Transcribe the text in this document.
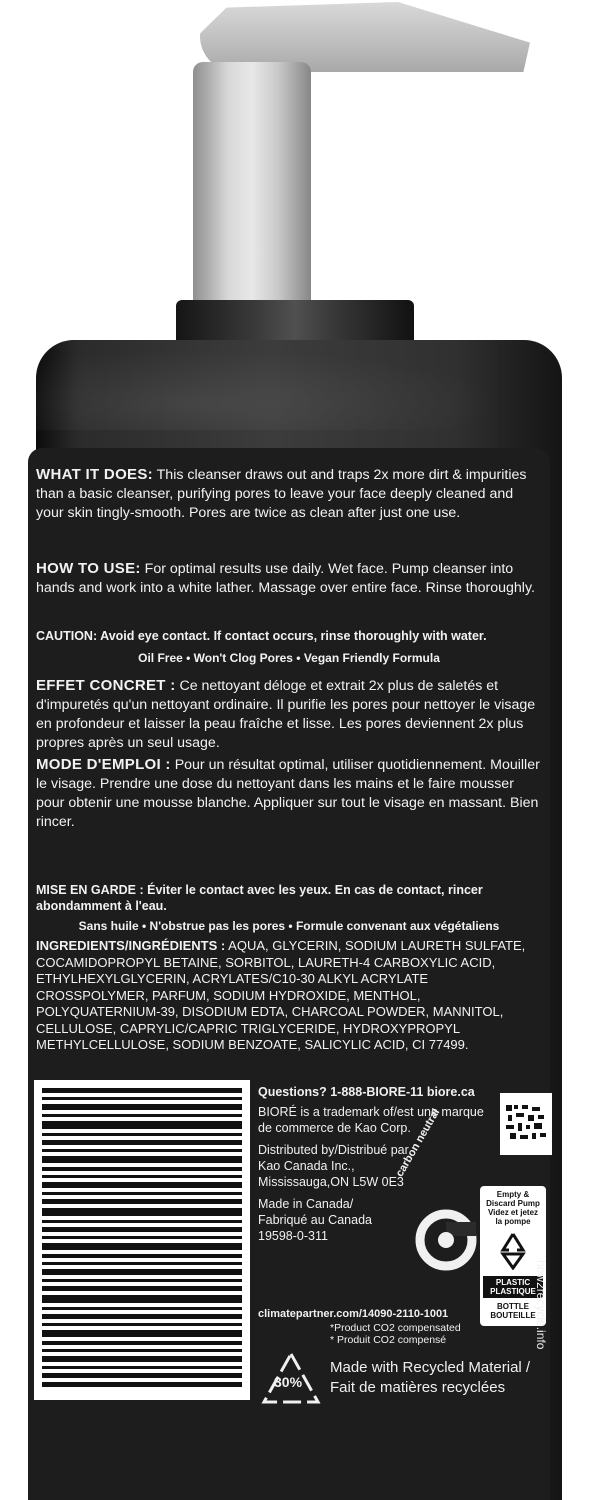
WHAT IT DOES: This cleanser draws out and traps 2x more dirt & impurities than a basic cleanser, purifying pores to leave your face deeply cleaned and your skin tingly-smooth. Pores are twice as clean after just one use.
HOW TO USE: For optimal results use daily. Wet face. Pump cleanser into hands and work into a white lather. Massage over entire face. Rinse thoroughly.
CAUTION: Avoid eye contact. If contact occurs, rinse thoroughly with water.
Oil Free • Won't Clog Pores • Vegan Friendly Formula
EFFET CONCRET : Ce nettoyant déloge et extrait 2x plus de saletés et d'impuretés qu'un nettoyant ordinaire. Il purifie les pores pour nettoyer le visage en profondeur et laisser la peau fraîche et lisse. Les pores deviennent 2x plus propres après un seul usage.
MODE D'EMPLOI : Pour un résultat optimal, utiliser quotidiennement. Mouiller le visage. Prendre une dose du nettoyant dans les mains et le faire mousser pour obtenir une mousse blanche. Appliquer sur tout le visage en massant. Bien rincer.
MISE EN GARDE : Éviter le contact avec les yeux. En cas de contact, rincer abondamment à l'eau.
Sans huile • N'obstrue pas les pores • Formule convenant aux végétaliens
INGREDIENTS/INGRÉDIENTS : AQUA, GLYCERIN, SODIUM LAURETH SULFATE, COCAMIDOPROPYL BETAINE, SORBITOL, LAURETH-4 CARBOXYLIC ACID, ETHYLHEXYLGLYCERIN, ACRYLATES/C10-30 ALKYL ACRYLATE CROSSPOLYMER, PARFUM, SODIUM HYDROXIDE, MENTHOL, POLYQUATERNIUM-39, DISODIUM EDTA, CHARCOAL POWDER, MANNITOL, CELLULOSE, CAPRYLIC/CAPRIC TRIGLYCERIDE, HYDROXYPROPYL METHYLCELLULOSE, SODIUM BENZOATE, SALICYLIC ACID, CI 77499.
0 62400 19598 4
Questions? 1-888-BIORE-11 biore.ca
BIORÉ is a trademark of/est une marque de commerce de Kao Corp.
Distributed by/Distribué par
Kao Canada Inc.,
Mississauga,ON L5W 0E3
Made in Canada/
Fabriqué au Canada
19598-0-311
carbon neutral
Empty &
Discard Pump
Videz et jetez
la pompe
PLASTIC PLASTIQUE
BOTTLE BOUTEILLE
how2recycle.info
climatepartner.com/14090-2110-1001
*Product CO2 compensated
* Produit CO2 compensé
30%
Made with Recycled Material /
Fait de matières recyclées
